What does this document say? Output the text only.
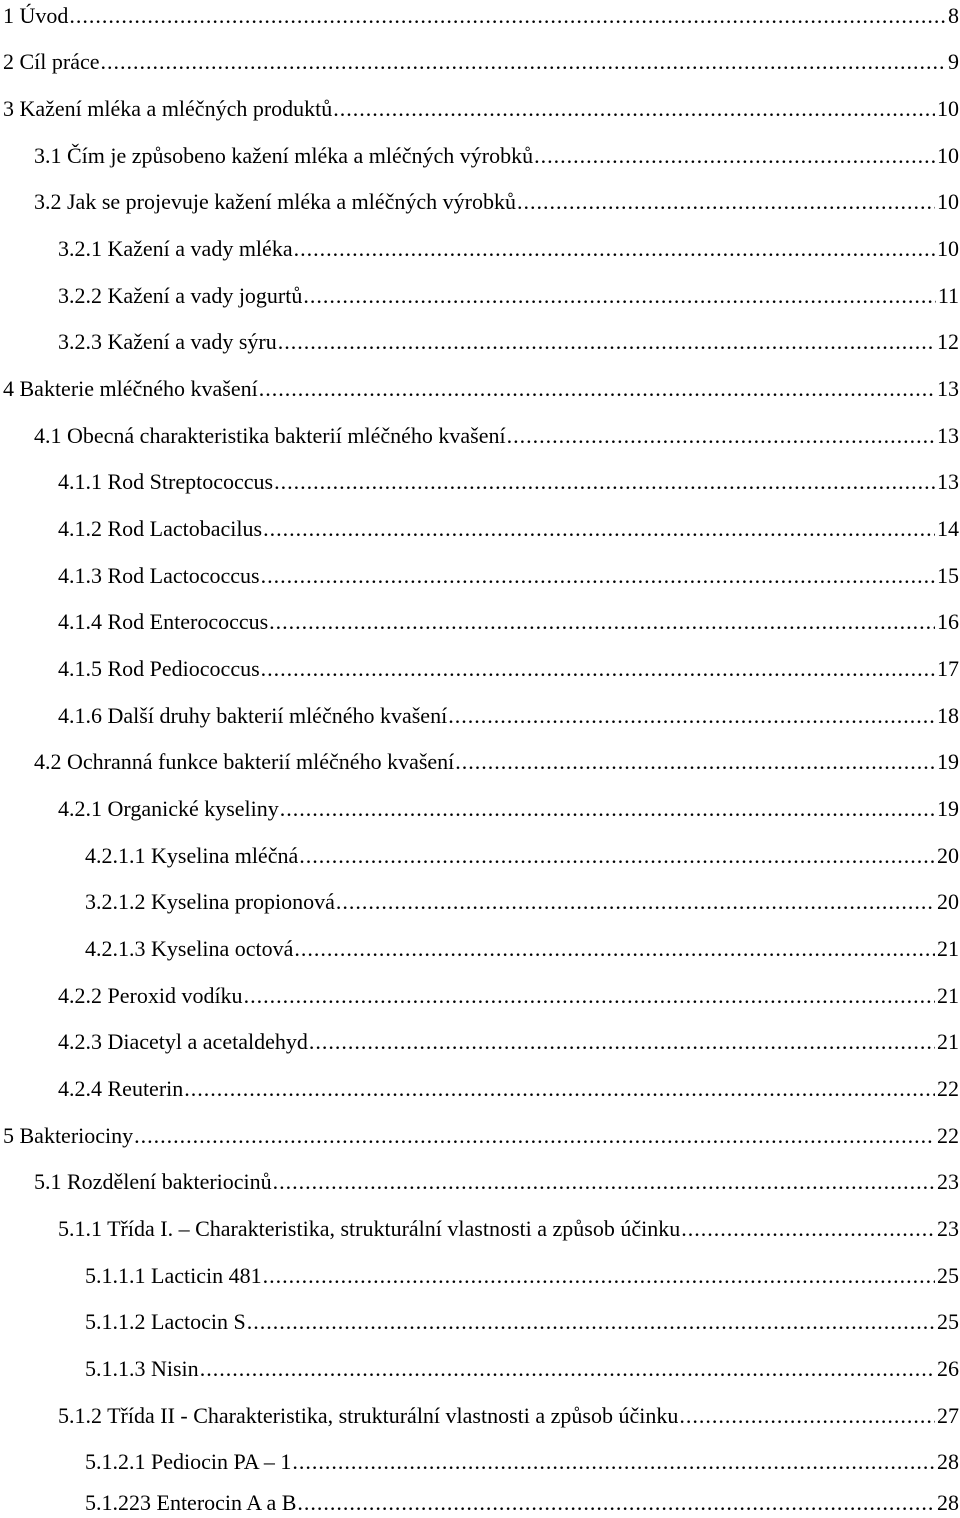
1 Úvod .....	8
2 Cíl práce .....	9
3 Kažení mléka a mléčných produktů .....	10
3.1 Čím je způsobeno kažení mléka a mléčných výrobků .....	10
3.2 Jak se projevuje kažení mléka a mléčných výrobků .....	10
3.2.1 Kažení a vady mléka .....	10
3.2.2 Kažení a vady jogurtů .....	11
3.2.3 Kažení a vady sýru .....	12
4 Bakterie mléčného kvašení .....	13
4.1 Obecná charakteristika bakterií mléčného kvašení .....	13
4.1.1 Rod Streptococcus .....	13
4.1.2 Rod Lactobacilus .....	14
4.1.3 Rod Lactococcus .....	15
4.1.4 Rod Enterococcus .....	16
4.1.5 Rod Pediococcus .....	17
4.1.6 Další druhy bakterií mléčného kvašení .....	18
4.2 Ochranná funkce bakterií mléčného kvašení .....	19
4.2.1 Organické kyseliny .....	19
4.2.1.1 Kyselina mléčná .....	20
3.2.1.2 Kyselina propionová .....	20
4.2.1.3 Kyselina octová .....	21
4.2.2 Peroxid vodíku .....	21
4.2.3 Diacetyl a acetaldehyd .....	21
4.2.4 Reuterin .....	22
5 Bakteriociny .....	22
5.1 Rozdělení bakteriocinů .....	23
5.1.1 Třída I. – Charakteristika, strukturální vlastnosti a způsob účinku .....	23
5.1.1.1 Lacticin 481 .....	25
5.1.1.2 Lactocin S .....	25
5.1.1.3 Nisin .....	26
5.1.2 Třída II - Charakteristika, strukturální vlastnosti a způsob účinku .....	27
5.1.2.1 Pediocin PA – 1 .....	28
5.1.223 Enterocin A a B .....	28
